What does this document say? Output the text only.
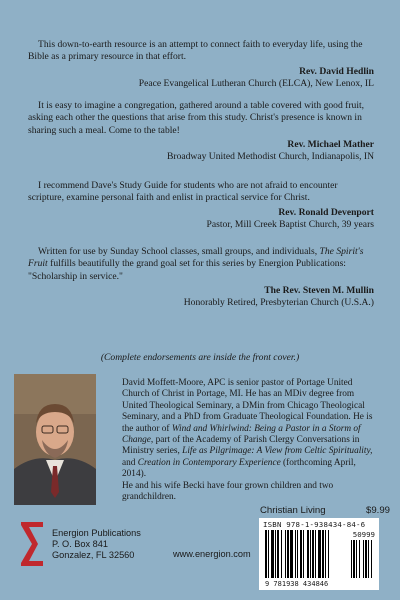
This down-to-earth resource is an attempt to connect faith to everyday life, using the Bible as a primary resource in that effort.
Rev. David Hedlin
Peace Evangelical Lutheran Church (ELCA), New Lenox, IL
It is easy to imagine a congregation, gathered around a table covered with good fruit, asking each other the questions that arise from this study. Christ's presence is known in sharing such a meal. Come to the table!
Rev. Michael Mather
Broadway United Methodist Church, Indianapolis, IN
I recommend Dave's Study Guide for students who are not afraid to encounter scripture, examine personal faith and enlist in practical service for Christ.
Rev. Ronald Devenport
Pastor, Mill Creek Baptist Church, 39 years
Written for use by Sunday School classes, small groups, and individuals, The Spirit's Fruit fulfills beautifully the grand goal set for this series by Energion Publications: "Scholarship in service."
The Rev. Steven M. Mullin
Honorably Retired, Presbyterian Church (U.S.A.)
(Complete endorsements are inside the front cover.)
David Moffett-Moore, APC is senior pastor of Portage United Church of Christ in Portage, MI. He has an MDiv degree from United Theological Seminary, a DMin from Chicago Theological Seminary, and a PhD from Graduate Theological Foundation. He is the author of Wind and Whirlwind: Being a Pastor in a Storm of Change, part of the Academy of Parish Clergy Conversations in Ministry series, Life as Pilgrimage: A View from Celtic Spirituality, and Creation in Contemporary Experience (forthcoming April, 2014).
He and his wife Becki have four grown children and two grandchildren.
Christian Living	$9.99
ISBN 978-1-938434-84-6
50999
9 781938 434846
Energion Publications
P. O. Box 841
Gonzalez, FL 32560	www.energion.com
